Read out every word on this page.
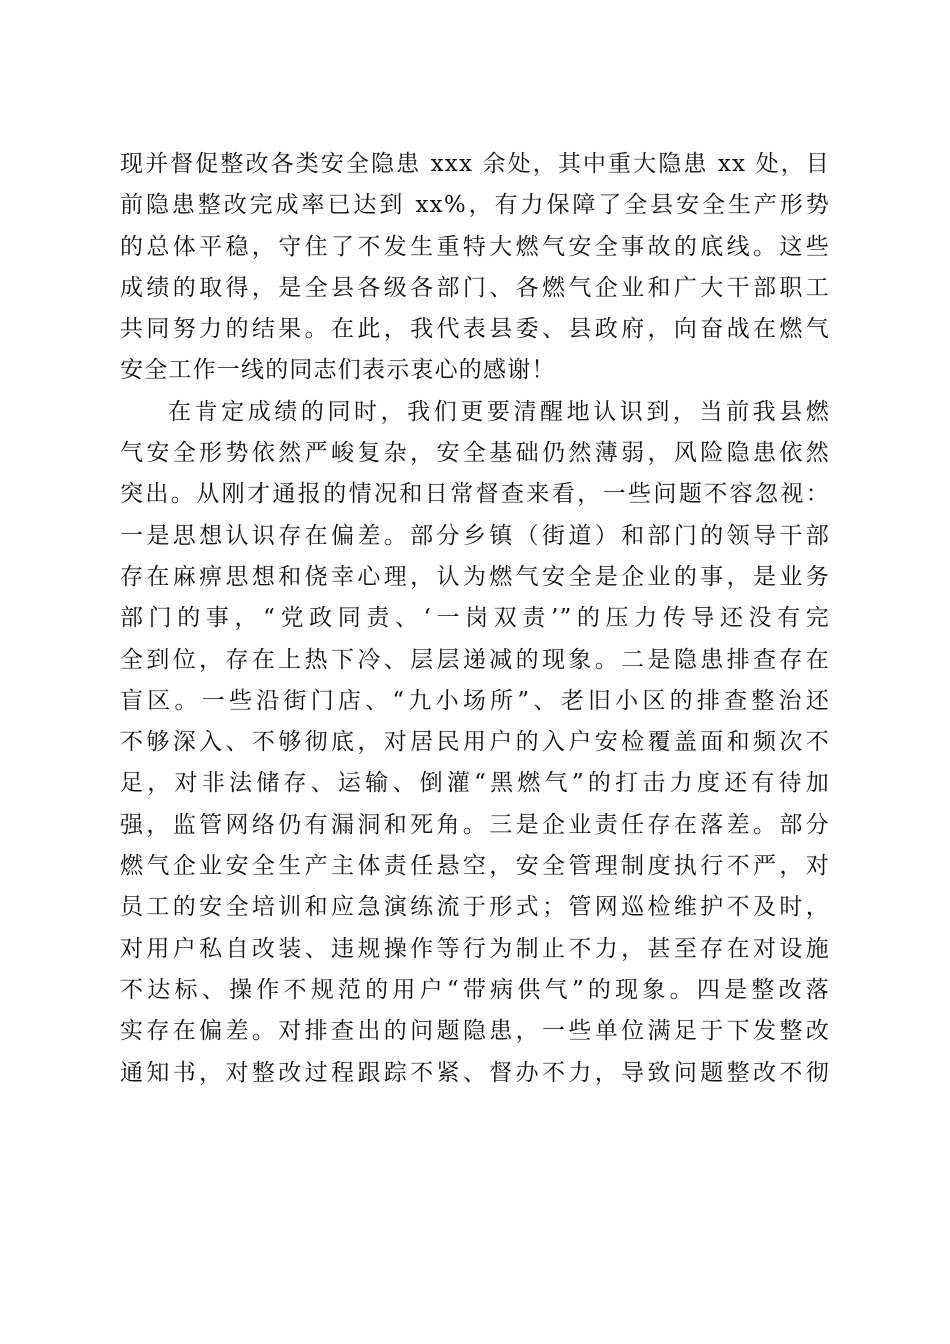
现并督促整改各类安全隐患 xxx 余处，其中重大隐患 xx 处，目
前隐患整改完成率已达到 xx%，有力保障了全县安全生产形势
的总体平稳，守住了不发生重特大燃气安全事故的底线。这些
成绩的取得，是全县各级各部门、各燃气企业和广大干部职工
共同努力的结果。在此，我代表县委、县政府，向奋战在燃气
安全工作一线的同志们表示衷心的感谢！
在肯定成绩的同时，我们更要清醒地认识到，当前我县燃
气安全形势依然严峻复杂，安全基础仍然薄弱，风险隐患依然
突出。从刚才通报的情况和日常督查来看，一些问题不容忽视：
一是思想认识存在偏差。部分乡镇（街道）和部门的领导干部
存在麻痹思想和侥幸心理，认为燃气安全是企业的事，是业务
部门的事，“党政同责、‘一岗双责’”的压力传导还没有完
全到位，存在上热下冷、层层递减的现象。二是隐患排查存在
盲区。一些沿街门店、“九小场所”、老旧小区的排查整治还
不够深入、不够彻底，对居民用户的入户安检覆盖面和频次不
足，对非法储存、运输、倒灌“黑燃气”的打击力度还有待加
强，监管网络仍有漏洞和死角。三是企业责任存在落差。部分
燃气企业安全生产主体责任悬空，安全管理制度执行不严，对
员工的安全培训和应急演练流于形式；管网巡检维护不及时，
对用户私自改装、违规操作等行为制止不力，甚至存在对设施
不达标、操作不规范的用户“带病供气”的现象。四是整改落
实存在偏差。对排查出的问题隐患，一些单位满足于下发整改
通知书，对整改过程跟踪不紧、督办不力，导致问题整改不彻
